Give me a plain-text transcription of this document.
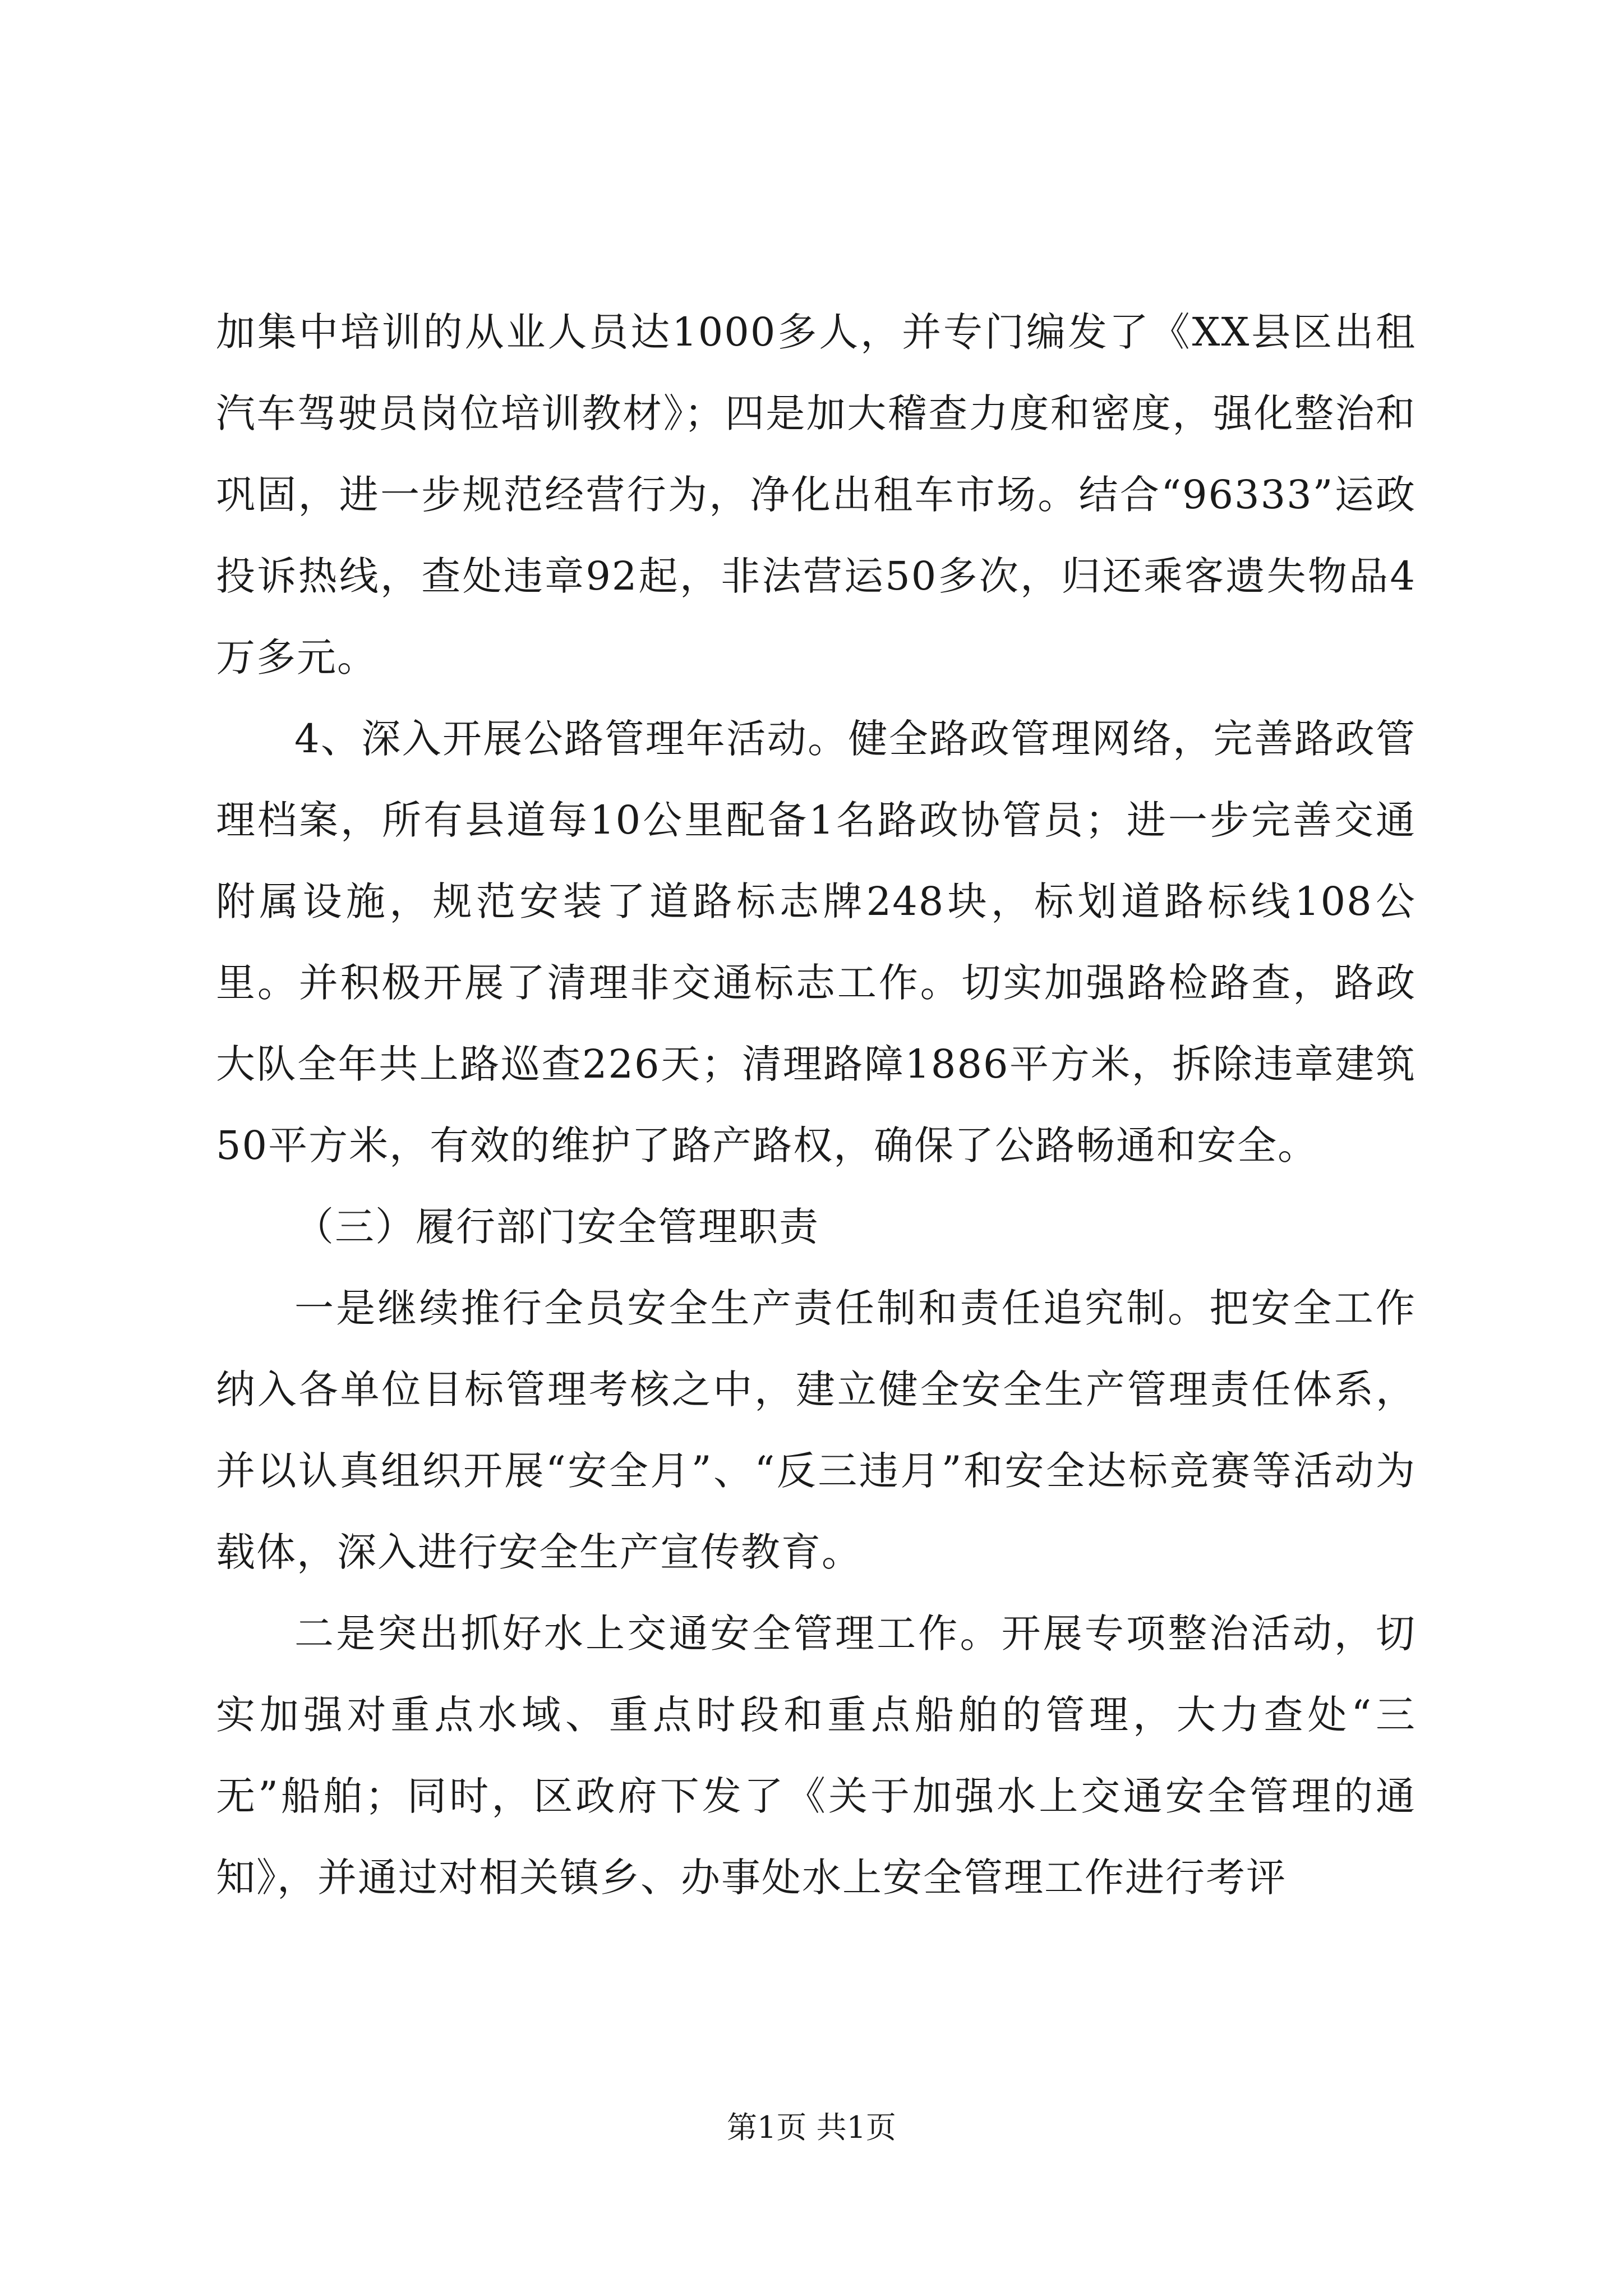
加集中培训的从业人员达1000多人，并专门编发了《XX县区出租汽车驾驶员岗位培训教材》；四是加大稽查力度和密度，强化整治和巩固，进一步规范经营行为，净化出租车市场。结合“96333”运政投诉热线，查处违章92起，非法营运50多次，归还乘客遗失物品4万多元。

4、深入开展公路管理年活动。健全路政管理网络，完善路政管理档案，所有县道每10公里配备1名路政协管员；进一步完善交通附属设施，规范安装了道路标志牌248块，标划道路标线108公里。并积极开展了清理非交通标志工作。切实加强路检路查，路政大队全年共上路巡查226天；清理路障1886平方米，拆除违章建筑50平方米，有效的维护了路产路权，确保了公路畅通和安全。

（三）履行部门安全管理职责

一是继续推行全员安全生产责任制和责任追究制。把安全工作纳入各单位目标管理考核之中，建立健全安全生产管理责任体系，并以认真组织开展“安全月”、“反三违月”和安全达标竞赛等活动为载体，深入进行安全生产宣传教育。

二是突出抓好水上交通安全管理工作。开展专项整治活动，切实加强对重点水域、重点时段和重点船舶的管理，大力查处“三无”船舶；同时，区政府下发了《关于加强水上交通安全管理的通知》，并通过对相关镇乡、办事处水上安全管理工作进行考评

第1页 共1页
